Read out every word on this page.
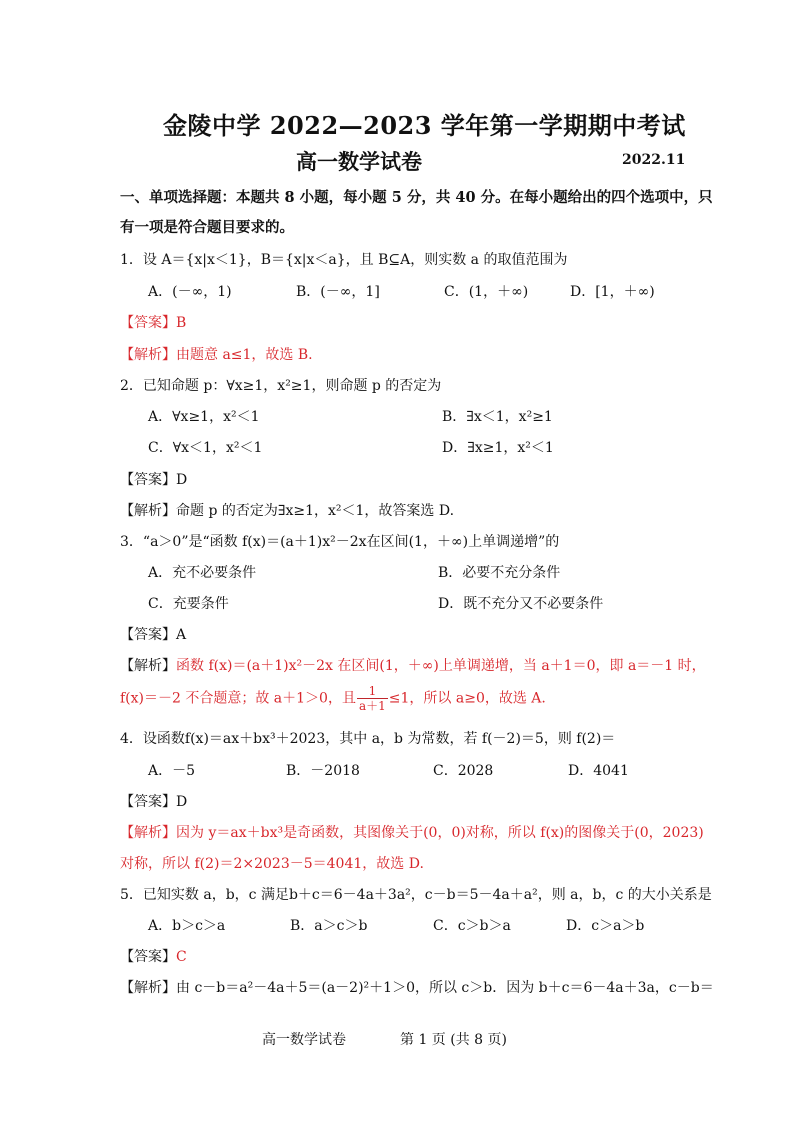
金陵中学 2022—2023 学年第一学期期中考试
高一数学试卷	2022.11
一、单项选择题：本题共 8 小题，每小题 5 分，共 40 分。在每小题给出的四个选项中，只
有一项是符合题目要求的。
1．设 A＝{x|x＜1}，B＝{x|x＜a}，且 B⊆A，则实数 a 的取值范围为
A．(－∞，1)	B．(－∞，1]	C．(1，＋∞)	D．[1，＋∞)
【答案】B
【解析】由题意 a≤1，故选 B.
2．已知命题 p：∀x≥1，x²≥1，则命题 p 的否定为
A．∀x≥1，x²＜1	B．∃x＜1，x²≥1
C．∀x＜1，x²＜1	D．∃x≥1，x²＜1
【答案】D
【解析】命题 p 的否定为∃x≥1，x²＜1，故答案选 D.
3．“a＞0”是“函数 f(x)＝(a＋1)x²－2x在区间(1，＋∞)上单调递增”的
A．充不必要条件	B．必要不充分条件
C．充要条件	D．既不充分又不必要条件
【答案】A
【解析】函数 f(x)＝(a＋1)x²－2x 在区间(1，＋∞)上单调递增，当 a＋1＝0，即 a＝－1 时，
f(x)＝－2 不合题意；故 a＋1＞0，且 $\frac{1}{a+1} \le 1$，所以 a≥0，故选 A.
4．设函数f(x)＝ax＋bx³＋2023，其中 a，b 为常数，若 f(－2)＝5，则 f(2)＝
A．－5	B．－2018	C．2028	D．4041
【答案】D
【解析】因为 y＝ax＋bx³是奇函数，其图像关于(0，0)对称，所以 f(x)的图像关于(0，2023)
对称，所以 f(2)＝2×2023－5＝4041，故选 D.
5．已知实数 a，b，c 满足b＋c＝6－4a＋3a²，c－b＝5－4a＋a²，则 a，b，c 的大小关系是
A．b＞c＞a	B．a＞c＞b	C．c＞b＞a	D．c＞a＞b
【答案】C
【解析】由 c－b＝a²－4a＋5＝(a－2)²＋1＞0，所以 c＞b．因为 b＋c＝6－4a＋3a，c－b＝
高一数学试卷	第 1 页 (共 8 页)
